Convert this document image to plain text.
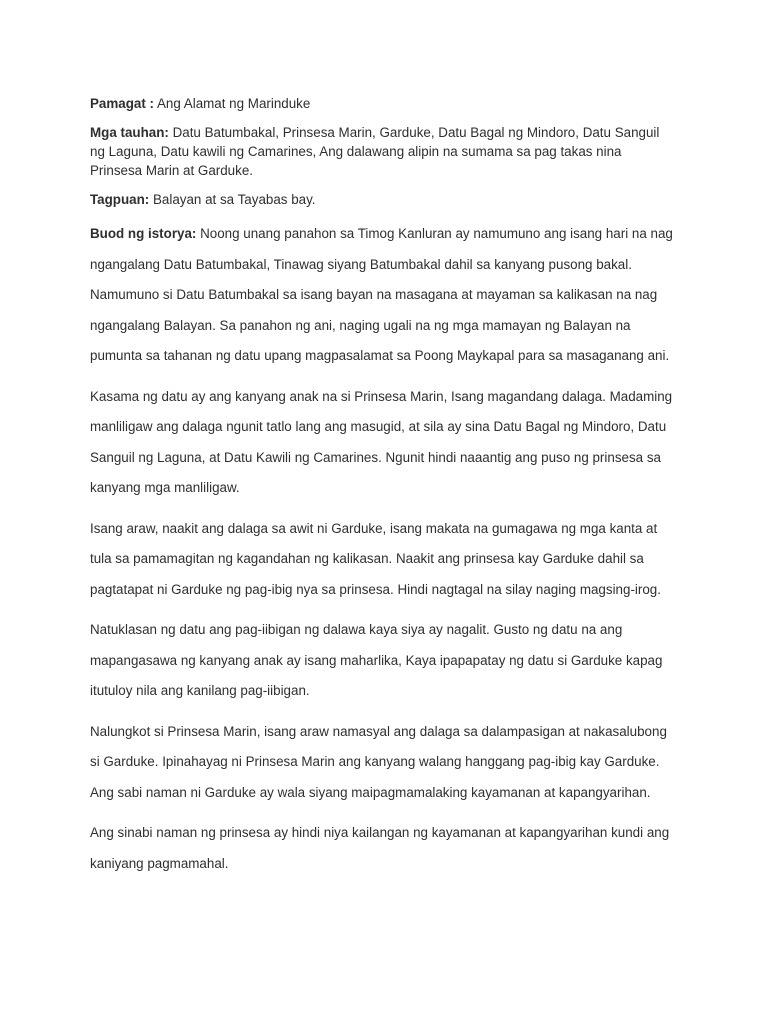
Pamagat : Ang Alamat ng Marinduke

Mga tauhan: Datu Batumbakal, Prinsesa Marin, Garduke, Datu Bagal ng Mindoro, Datu Sanguil
ng Laguna, Datu kawili ng Camarines, Ang dalawang alipin na sumama sa pag takas nina
Prinsesa Marin at Garduke.

Tagpuan: Balayan at sa Tayabas bay.

Buod ng istorya: Noong unang panahon sa Timog Kanluran ay namumuno ang isang hari na nag
ngangalang Datu Batumbakal, Tinawag siyang Batumbakal dahil sa kanyang pusong bakal.
Namumuno si Datu Batumbakal sa isang bayan na masagana at mayaman sa kalikasan na nag
ngangalang Balayan. Sa panahon ng ani, naging ugali na ng mga mamayan ng Balayan na
pumunta sa tahanan ng datu upang magpasalamat sa Poong Maykapal para sa masaganang ani.

Kasama ng datu ay ang kanyang anak na si Prinsesa Marin, Isang magandang dalaga. Madaming
manliligaw ang dalaga ngunit tatlo lang ang masugid, at sila ay sina Datu Bagal ng Mindoro, Datu
Sanguil ng Laguna, at Datu Kawili ng Camarines. Ngunit hindi naaantig ang puso ng prinsesa sa
kanyang mga manliligaw.

Isang araw, naakit ang dalaga sa awit ni Garduke, isang makata na gumagawa ng mga kanta at
tula sa pamamagitan ng kagandahan ng kalikasan. Naakit ang prinsesa kay Garduke dahil sa
pagtatapat ni Garduke ng pag-ibig nya sa prinsesa. Hindi nagtagal na silay naging magsing-irog.

Natuklasan ng datu ang pag-iibigan ng dalawa kaya siya ay nagalit. Gusto ng datu na ang
mapangasawa ng kanyang anak ay isang maharlika, Kaya ipapapatay ng datu si Garduke kapag
itutuloy nila ang kanilang pag-iibigan.

Nalungkot si Prinsesa Marin, isang araw namasyal ang dalaga sa dalampasigan at nakasalubong
si Garduke. Ipinahayag ni Prinsesa Marin ang kanyang walang hanggang pag-ibig kay Garduke.
Ang sabi naman ni Garduke ay wala siyang maipagmamalaking kayamanan at kapangyarihan.

Ang sinabi naman ng prinsesa ay hindi niya kailangan ng kayamanan at kapangyarihan kundi ang
kaniyang pagmamahal.
